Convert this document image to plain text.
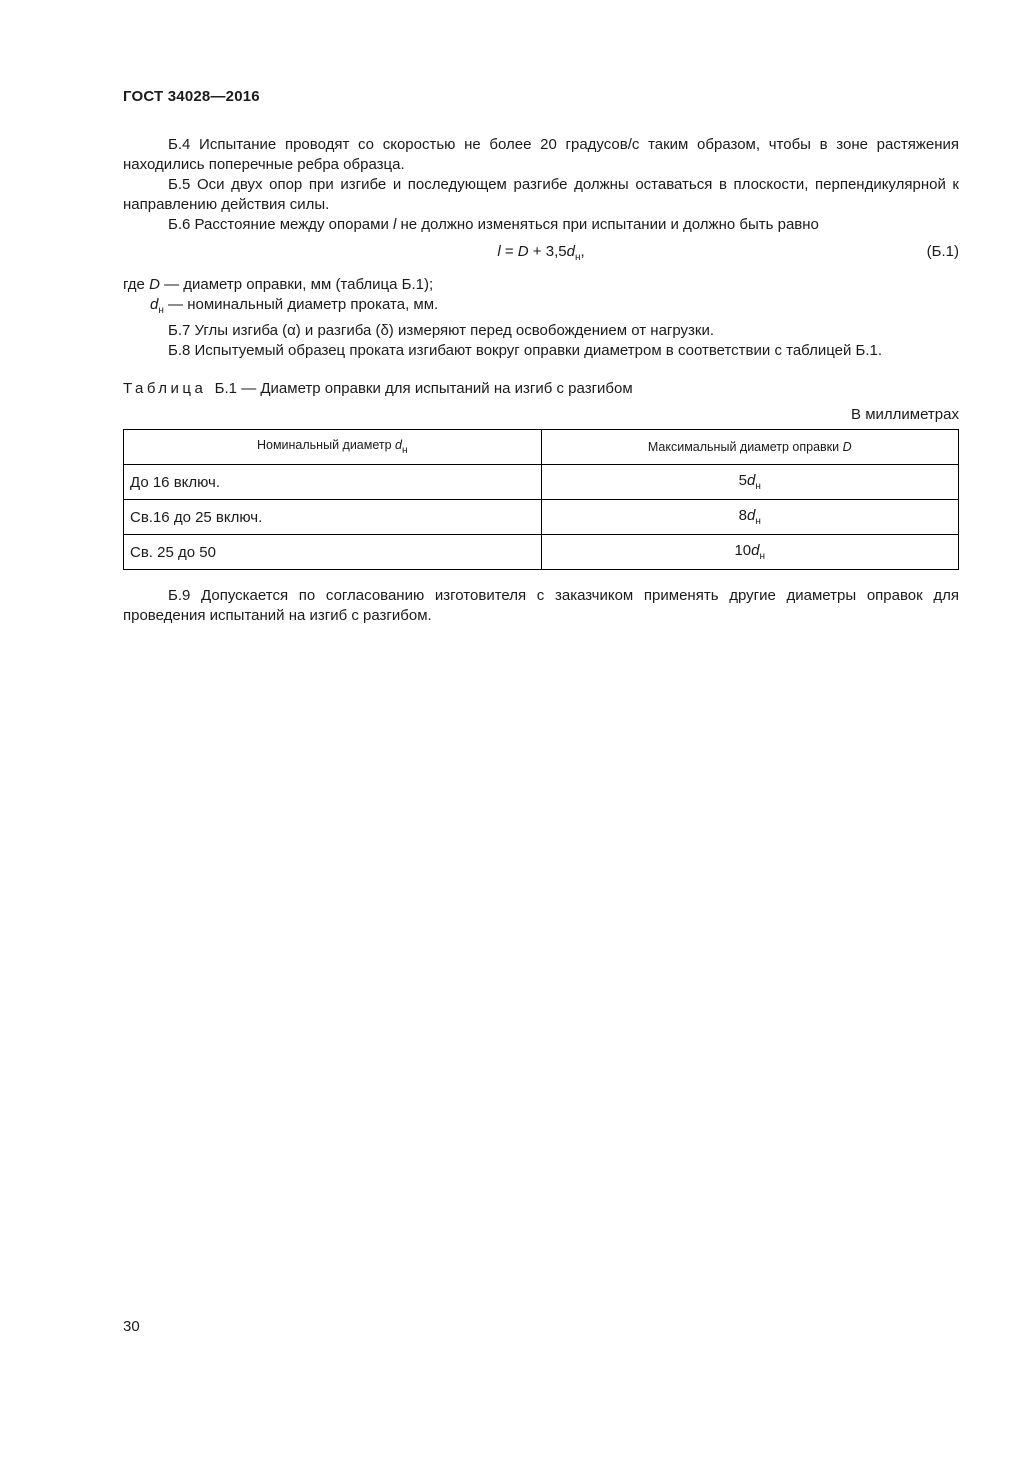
ГОСТ 34028—2016

Б.4 Испытание проводят со скоростью не более 20 градусов/с таким образом, чтобы в зоне растяжения находились поперечные ребра образца.

Б.5 Оси двух опор при изгибе и последующем разгибе должны оставаться в плоскости, перпендикулярной к направлению действия силы.

Б.6 Расстояние между опорами l не должно изменяться при испытании и должно быть равно

$l = D + 3,5d_н$,	(Б.1)

где D — диаметр оправки, мм (таблица Б.1);

$d_н$ — номинальный диаметр проката, мм.

Б.7 Углы изгиба (α) и разгиба (δ) измеряют перед освобождением от нагрузки.

Б.8 Испытуемый образец проката изгибают вокруг оправки диаметром в соответствии с таблицей Б.1.

Таблица Б.1 — Диаметр оправки для испытаний на изгиб с разгибом
В миллиметрах
Номинальный диаметр $d_н$	Максимальный диаметр оправки D
До 16 включ.	$5d_н$
Св.16 до 25 включ.	$8d_н$
Св. 25 до 50	$10d_н$

Б.9 Допускается по согласованию изготовителя с заказчиком применять другие диаметры оправок для проведения испытаний на изгиб с разгибом.

30
